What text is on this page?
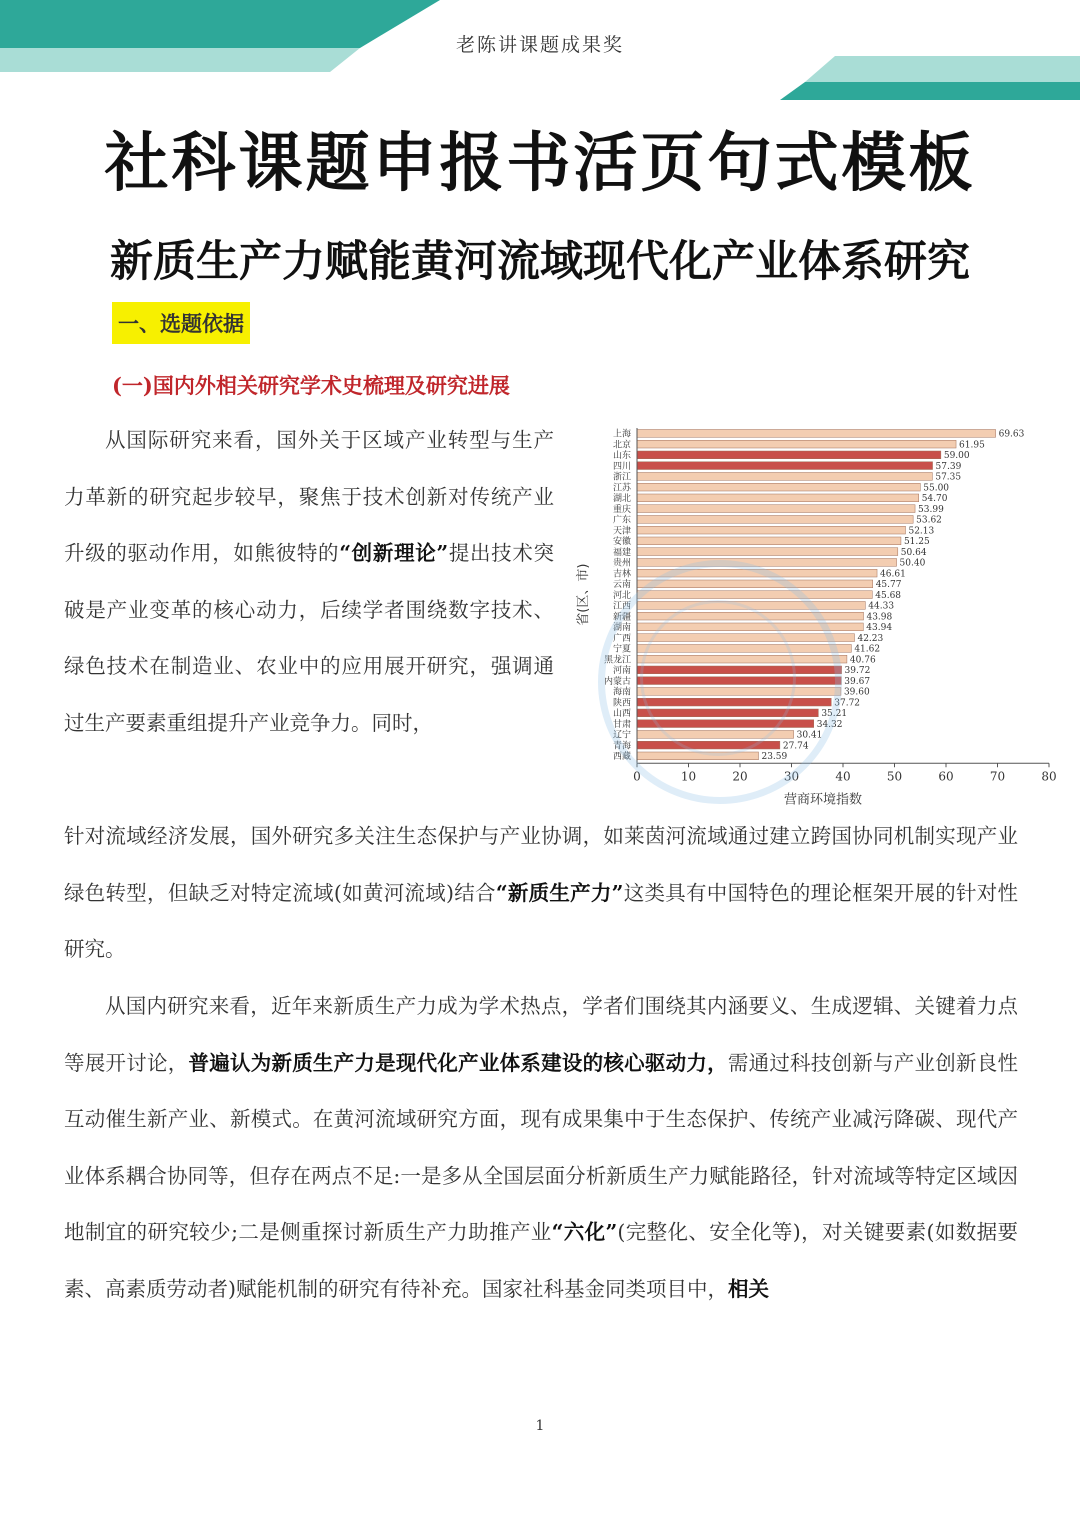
老陈讲课题成果奖
社科课题申报书活页句式模板
新质生产力赋能黄河流域现代化产业体系研究
一、选题依据
(一)国内外相关研究学术史梳理及研究进展

从国际研究来看，国外关于区域产业转型与生产力革新的研究起步较早，聚焦于技术创新对传统产业升级的驱动作用，如熊彼特的“创新理论”提出技术突破是产业变革的核心动力，后续学者围绕数字技术、绿色技术在制造业、农业中的应用展开研究，强调通过生产要素重组提升产业竞争力。同时，

针对流域经济发展，国外研究多关注生态保护与产业协调，如莱茵河流域通过建立跨国协同机制实现产业绿色转型，但缺乏对特定流域(如黄河流域)结合“新质生产力”这类具有中国特色的理论框架开展的针对性研究。

从国内研究来看，近年来新质生产力成为学术热点，学者们围绕其内涵要义、生成逻辑、关键着力点等展开讨论，普遍认为新质生产力是现代化产业体系建设的核心驱动力，需通过科技创新与产业创新良性互动催生新产业、新模式。在黄河流域研究方面，现有成果集中于生态保护、传统产业减污降碳、现代产业体系耦合协同等，但存在两点不足:一是多从全国层面分析新质生产力赋能路径，针对流域等特定区域因地制宜的研究较少;二是侧重探讨新质生产力助推产业“六化”(完整化、安全化等)，对关键要素(如数据要素、高素质劳动者)赋能机制的研究有待补充。国家社科基金同类项目中，相关

上海	69.63
北京	61.95
山东	59.00
四川	57.39
浙江	57.35
江苏	55.00
湖北	54.70
重庆	53.99
广东	53.62
天津	52.13
安徽	51.25
福建	50.64
贵州	50.40
吉林	46.61
云南	45.77
河北	45.68
江西	44.33
新疆	43.98
湖南	43.94
广西	42.23
宁夏	41.62
黑龙江	40.76
河南	39.72
内蒙古	39.67
海南	39.60
陕西	37.72
山西	35.21
甘肃	34.32
辽宁	30.41
青海	27.74
西藏	23.59
0	10	20	30	40	50	60	70	80
营商环境指数
省(区、市)
1
